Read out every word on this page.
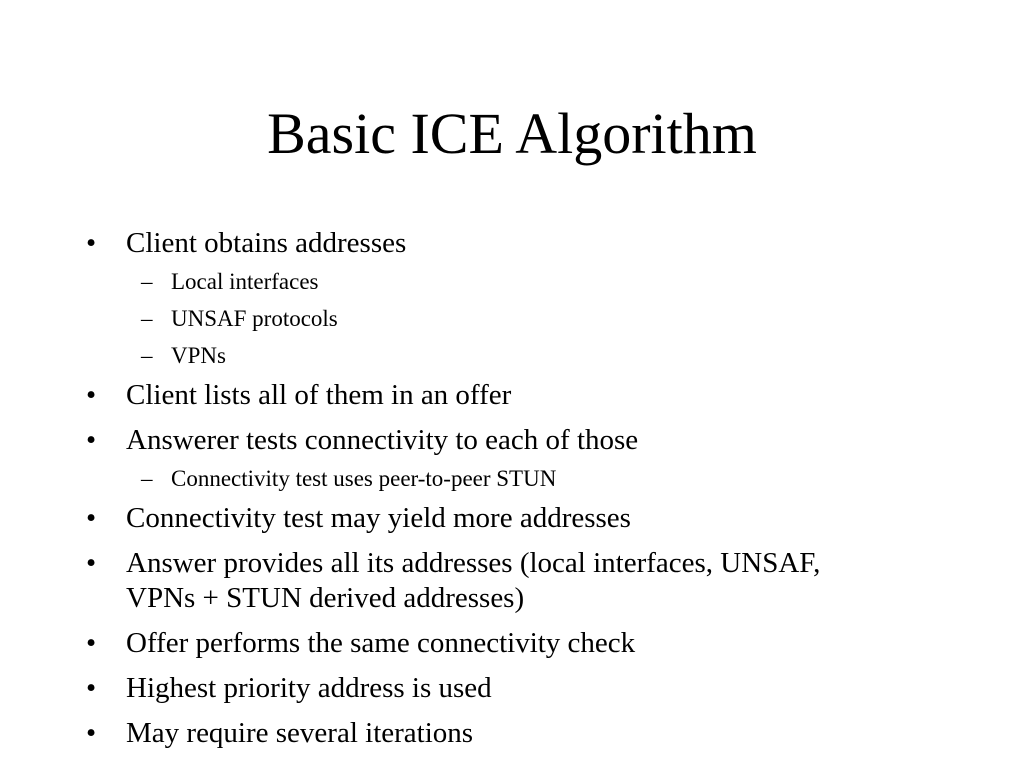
Basic ICE Algorithm
• Client obtains addresses
– Local interfaces
– UNSAF protocols
– VPNs
• Client lists all of them in an offer
• Answerer tests connectivity to each of those
– Connectivity test uses peer-to-peer STUN
• Connectivity test may yield more addresses
• Answer provides all its addresses (local interfaces, UNSAF, VPNs + STUN derived addresses)
• Offer performs the same connectivity check
• Highest priority address is used
• May require several iterations
